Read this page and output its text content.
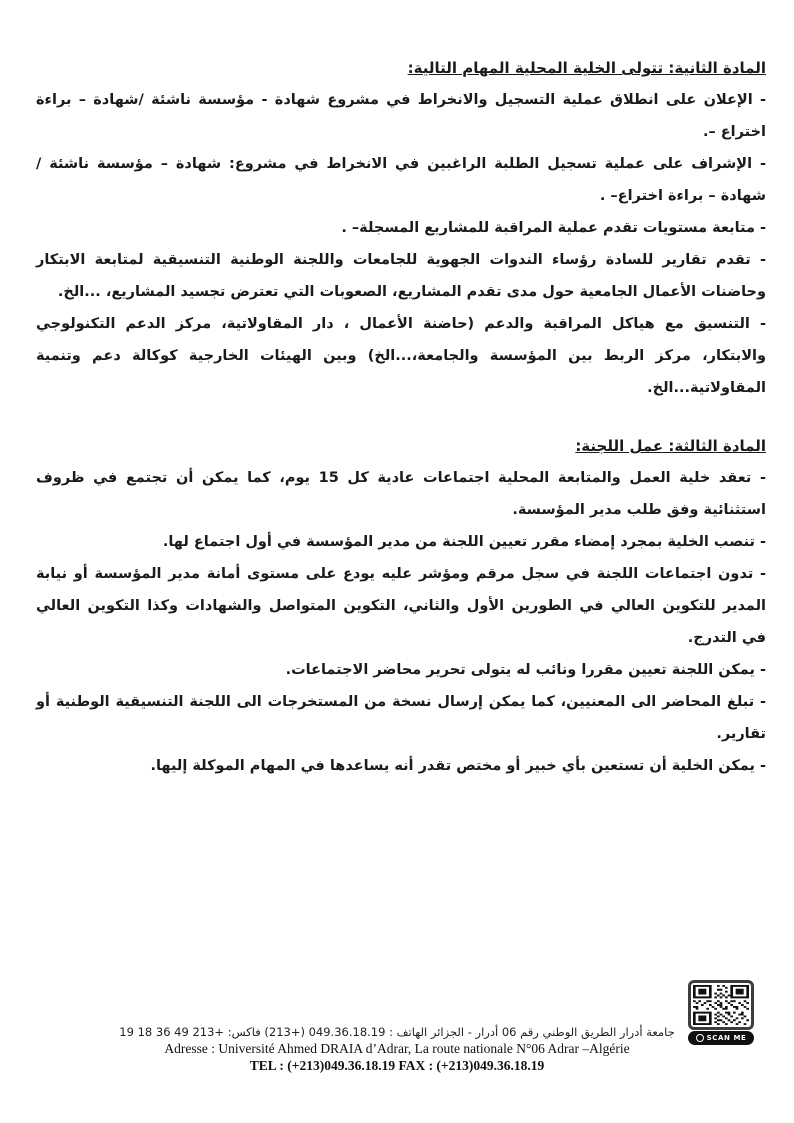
المادة الثانية: تتولى الخلية المحلية المهام التالية:

- الإعلان على انطلاق عملية التسجيل والانخراط في مشروع شهادة - مؤسسة ناشئة /شهادة – براءة اختراع –.

- الإشراف على عملية تسجيل الطلبة الراغبين في الانخراط في مشروع: شهادة – مؤسسة ناشئة / شهادة – براءة اختراع– .

- متابعة مستويات تقدم عملية المراقبة للمشاريع المسجلة– .

- تقدم تقارير للسادة رؤساء الندوات الجهوية للجامعات واللجنة الوطنية التنسيقية لمتابعة الابتكار وحاضنات الأعمال الجامعية حول مدى تقدم المشاريع، الصعوبات التي تعترض تجسيد المشاريع، ...الخ.

- التنسيق مع هياكل المراقبة والدعم (حاضنة الأعمال ، دار المقاولاتية، مركز الدعم التكنولوجي والابتكار، مركز الربط بين المؤسسة والجامعة،...الخ) وبين الهيئات الخارجية كوكالة دعم وتنمية المقاولاتية...الخ.

المادة الثالثة: عمل اللجنة:

- تعقد خلية العمل والمتابعة المحلية اجتماعات عادية كل 15 يوم، كما يمكن أن تجتمع في ظروف استثنائية وفق طلب مدير المؤسسة.

- تنصب الخلية بمجرد إمضاء مقرر تعيين اللجنة من مدير المؤسسة في أول اجتماع لها.

- تدون اجتماعات اللجنة في سجل مرقم ومؤشر عليه يودع على مستوى أمانة مدير المؤسسة أو نيابة المدير للتكوين العالي في الطورين الأول والثاني، التكوين المتواصل والشهادات وكذا التكوين العالي في التدرج.

- يمكن اللجنة تعيين مقررا ونائب له يتولى تحرير محاضر الاجتماعات.

- تبلغ المحاضر الى المعنيين، كما يمكن إرسال نسخة من المستخرجات الى اللجنة التنسيقية الوطنية أو تقارير.

- يمكن الخلية أن تستعين بأي خبير أو مختص تقدر أنه يساعدها في المهام الموكلة إليها.

SCAN ME
جامعة أدرار الطريق الوطني رقم 06 أدرار - الجزائر الهاتف : 049.36.18.19 (+213) فاكس: +213 49 36 18 19
Adresse : Université Ahmed DRAIA d’Adrar, La route nationale N°06 Adrar –Algérie
TEL : (+213)049.36.18.19 FAX : (+213)049.36.18.19
